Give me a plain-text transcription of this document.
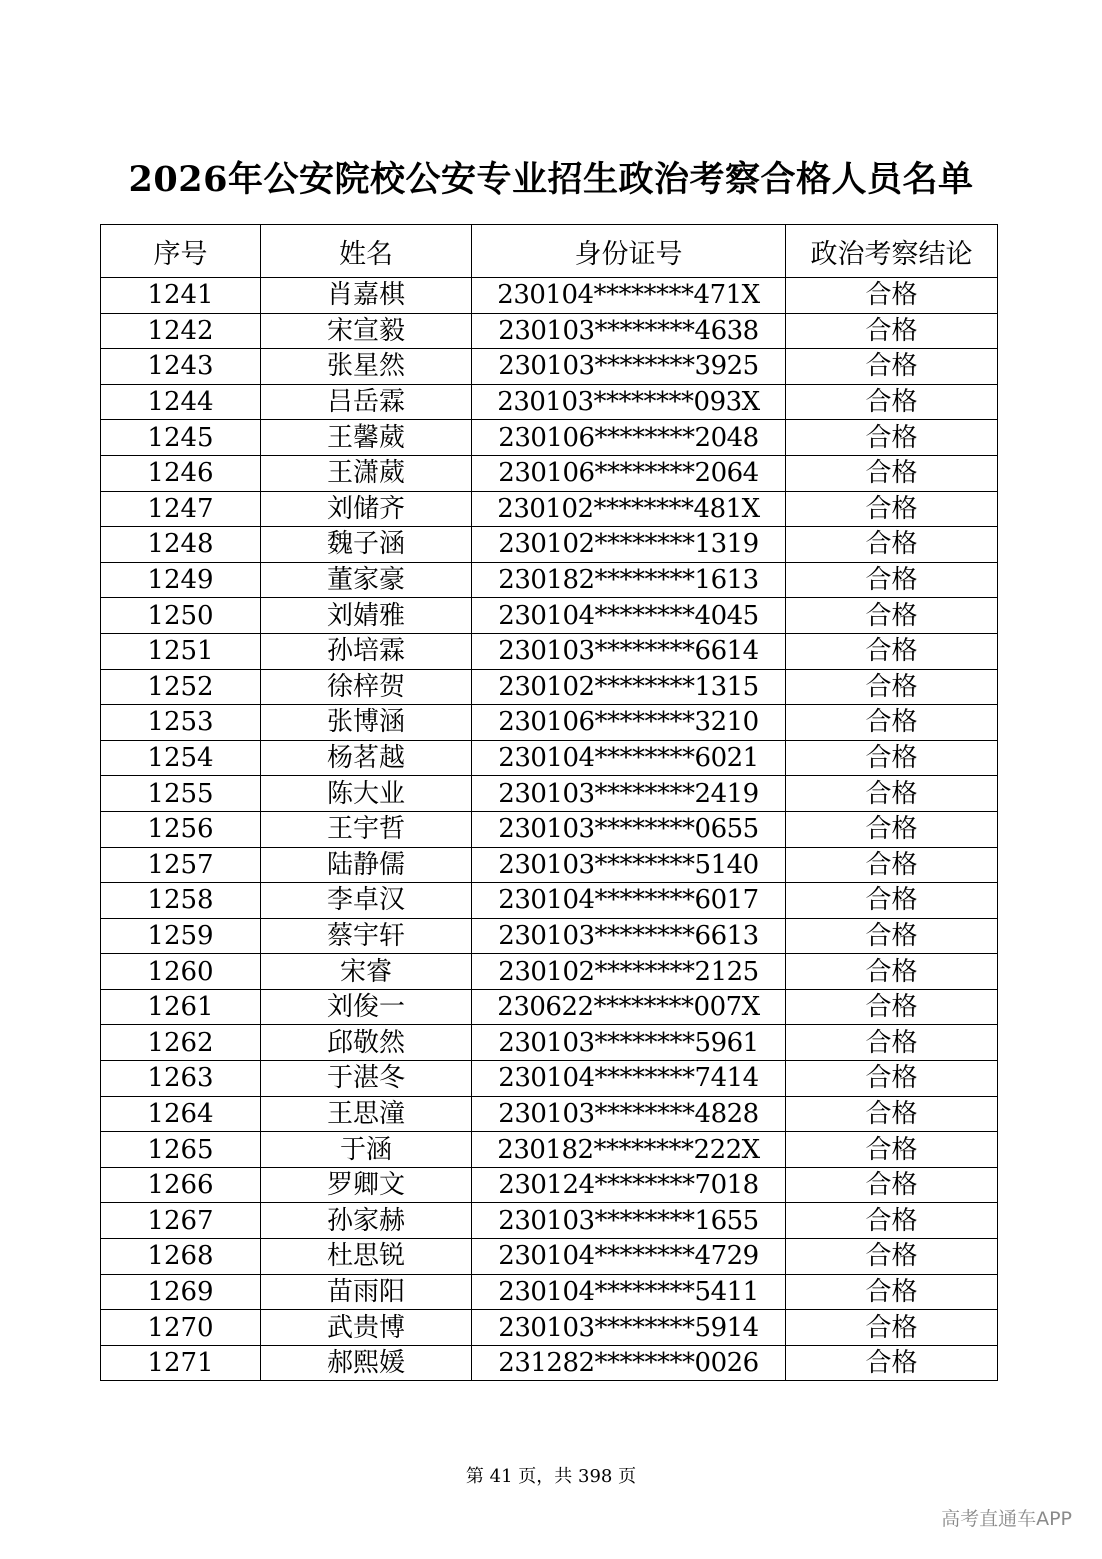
2026年公安院校公安专业招生政治考察合格人员名单
序号	姓名	身份证号	政治考察结论
1241	肖嘉棋	230104********471X	合格
1242	宋宣毅	230103********4638	合格
1243	张星然	230103********3925	合格
1244	吕岳霖	230103********093X	合格
1245	王馨葳	230106********2048	合格
1246	王潇葳	230106********2064	合格
1247	刘储齐	230102********481X	合格
1248	魏子涵	230102********1319	合格
1249	董家豪	230182********1613	合格
1250	刘婧雅	230104********4045	合格
1251	孙培霖	230103********6614	合格
1252	徐梓贺	230102********1315	合格
1253	张博涵	230106********3210	合格
1254	杨茗越	230104********6021	合格
1255	陈大业	230103********2419	合格
1256	王宇哲	230103********0655	合格
1257	陆静儒	230103********5140	合格
1258	李卓汉	230104********6017	合格
1259	蔡宇轩	230103********6613	合格
1260	宋睿	230102********2125	合格
1261	刘俊一	230622********007X	合格
1262	邱敬然	230103********5961	合格
1263	于湛冬	230104********7414	合格
1264	王思潼	230103********4828	合格
1265	于涵	230182********222X	合格
1266	罗卿文	230124********7018	合格
1267	孙家赫	230103********1655	合格
1268	杜思锐	230104********4729	合格
1269	苗雨阳	230104********5411	合格
1270	武贵博	230103********5914	合格
1271	郝熙媛	231282********0026	合格
第 41 页，共 398 页
高考直通车APP
